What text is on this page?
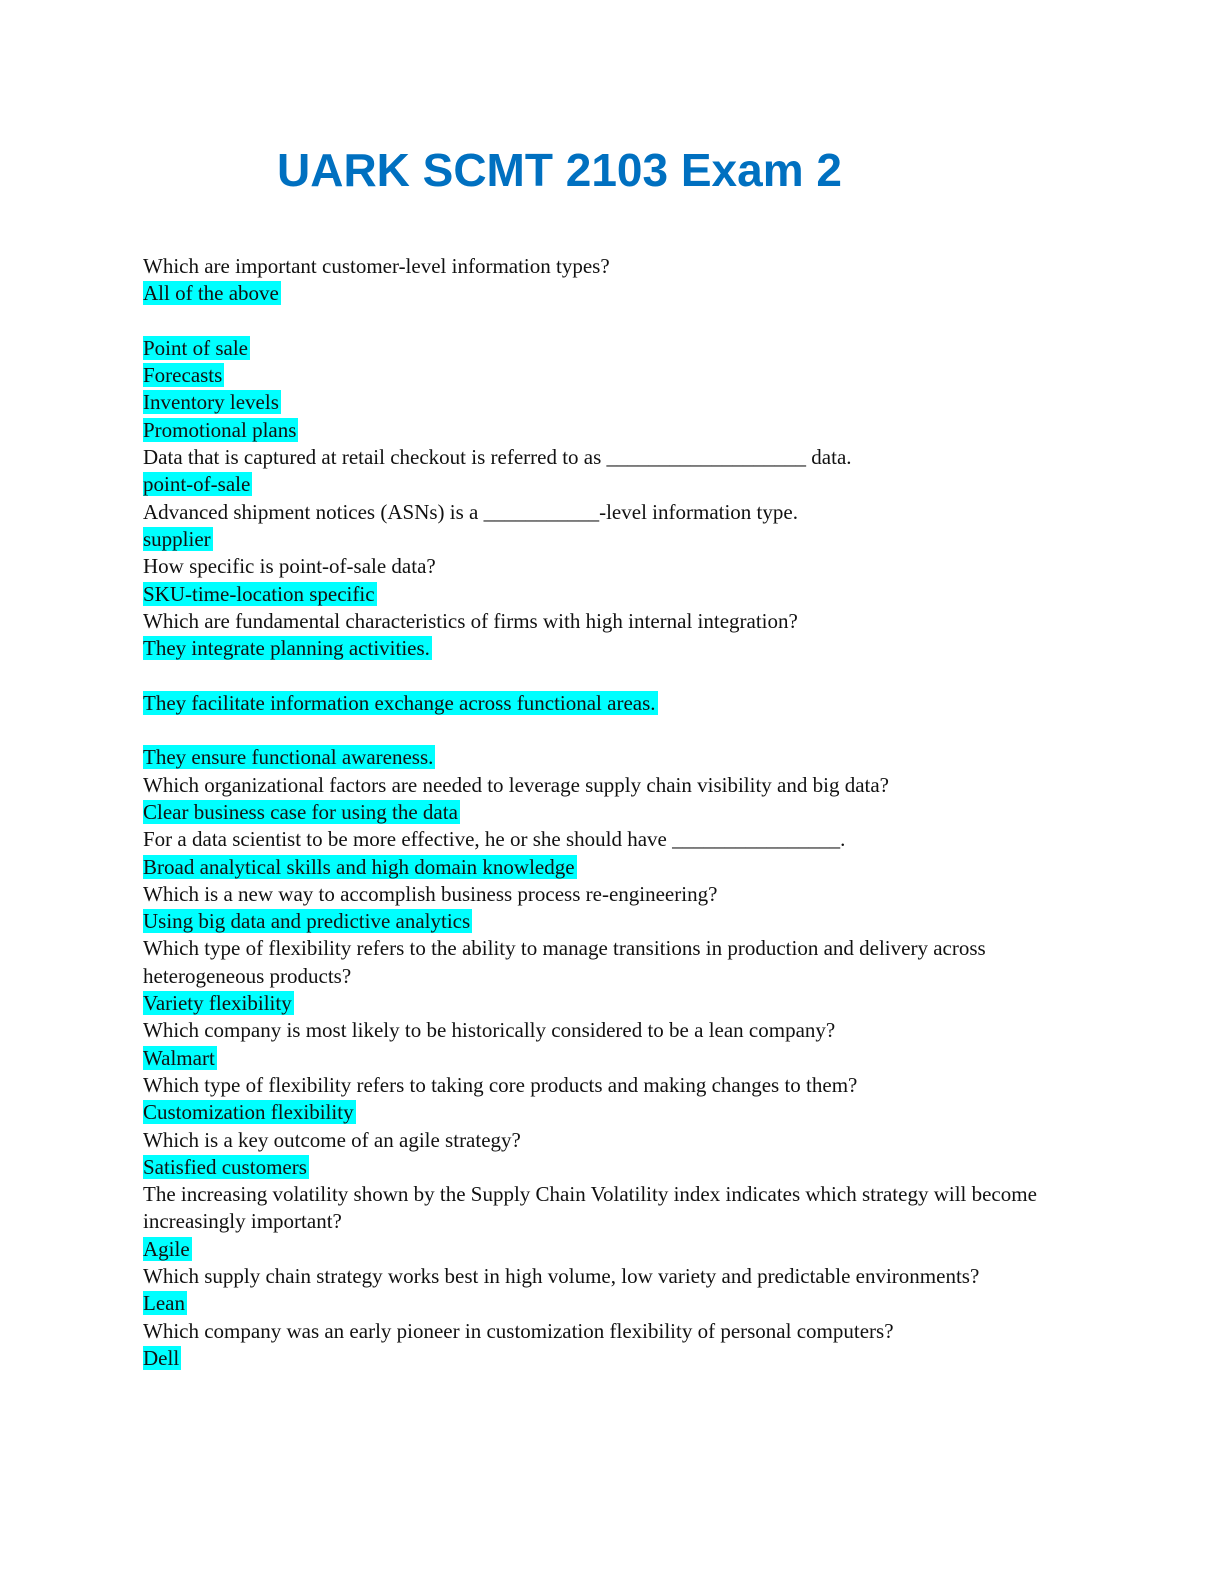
UARK SCMT 2103 Exam 2
Which are important customer-level information types?
All of the above
Point of sale
Forecasts
Inventory levels
Promotional plans
Data that is captured at retail checkout is referred to as ___________________ data.
point-of-sale
Advanced shipment notices (ASNs) is a ___________-level information type.
supplier
How specific is point-of-sale data?
SKU-time-location specific
Which are fundamental characteristics of firms with high internal integration?
They integrate planning activities.
They facilitate information exchange across functional areas.
They ensure functional awareness.
Which organizational factors are needed to leverage supply chain visibility and big data?
Clear business case for using the data
For a data scientist to be more effective, he or she should have ________________.
Broad analytical skills and high domain knowledge
Which is a new way to accomplish business process re-engineering?
Using big data and predictive analytics
Which type of flexibility refers to the ability to manage transitions in production and delivery across heterogeneous products?
Variety flexibility
Which company is most likely to be historically considered to be a lean company?
Walmart
Which type of flexibility refers to taking core products and making changes to them?
Customization flexibility
Which is a key outcome of an agile strategy?
Satisfied customers
The increasing volatility shown by the Supply Chain Volatility index indicates which strategy will become increasingly important?
Agile
Which supply chain strategy works best in high volume, low variety and predictable environments?
Lean
Which company was an early pioneer in customization flexibility of personal computers?
Dell
